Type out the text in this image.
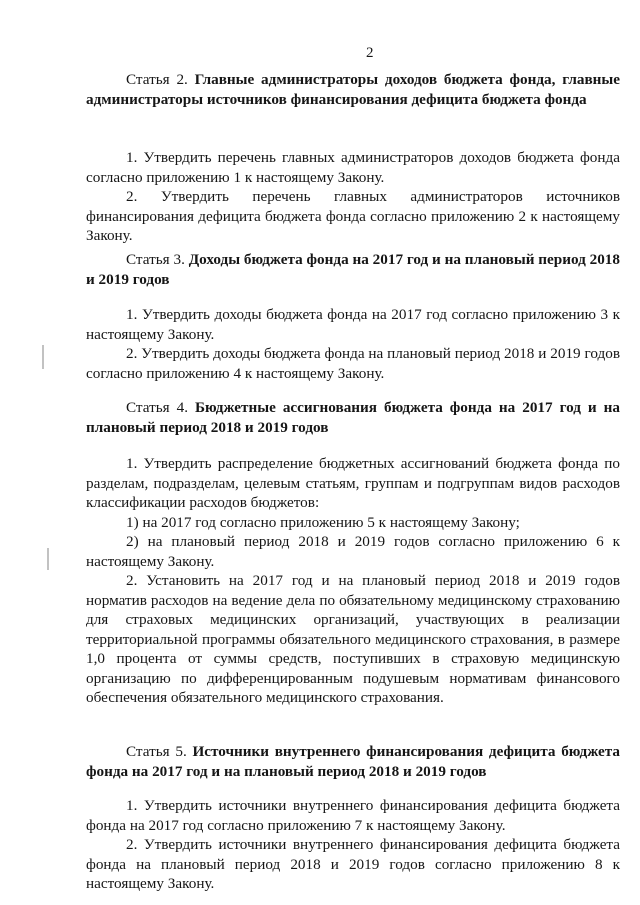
2

Статья 2. Главные администраторы доходов бюджета фонда, главные администраторы источников финансирования дефицита бюджета фонда

1. Утвердить перечень главных администраторов доходов бюджета фонда согласно приложению 1 к настоящему Закону.

2. Утвердить перечень главных администраторов источников финансирования дефицита бюджета фонда согласно приложению 2 к настоящему Закону.

Статья 3. Доходы бюджета фонда на 2017 год и на плановый период 2018 и 2019 годов

1. Утвердить доходы бюджета фонда на 2017 год согласно приложению 3 к настоящему Закону.

2. Утвердить доходы бюджета фонда на плановый период 2018 и 2019 годов согласно приложению 4 к настоящему Закону.

Статья 4. Бюджетные ассигнования бюджета фонда на 2017 год и на плановый период 2018 и 2019 годов

1. Утвердить распределение бюджетных ассигнований бюджета фонда по разделам, подразделам, целевым статьям, группам и подгруппам видов расходов классификации расходов бюджетов:

1) на 2017 год согласно приложению 5 к настоящему Закону;

2) на плановый период 2018 и 2019 годов согласно приложению 6 к настоящему Закону.

2. Установить на 2017 год и на плановый период 2018 и 2019 годов норматив расходов на ведение дела по обязательному медицинскому страхованию для страховых медицинских организаций, участвующих в реализации территориальной программы обязательного медицинского страхования, в размере 1,0 процента от суммы средств, поступивших в страховую медицинскую организацию по дифференцированным подушевым нормативам финансового обеспечения обязательного медицинского страхования.

Статья 5. Источники внутреннего финансирования дефицита бюджета фонда на 2017 год и на плановый период 2018 и 2019 годов

1. Утвердить источники внутреннего финансирования дефицита бюджета фонда на 2017 год согласно приложению 7 к настоящему Закону.

2. Утвердить источники внутреннего финансирования дефицита бюджета фонда на плановый период 2018 и 2019 годов согласно приложению 8 к настоящему Закону.
